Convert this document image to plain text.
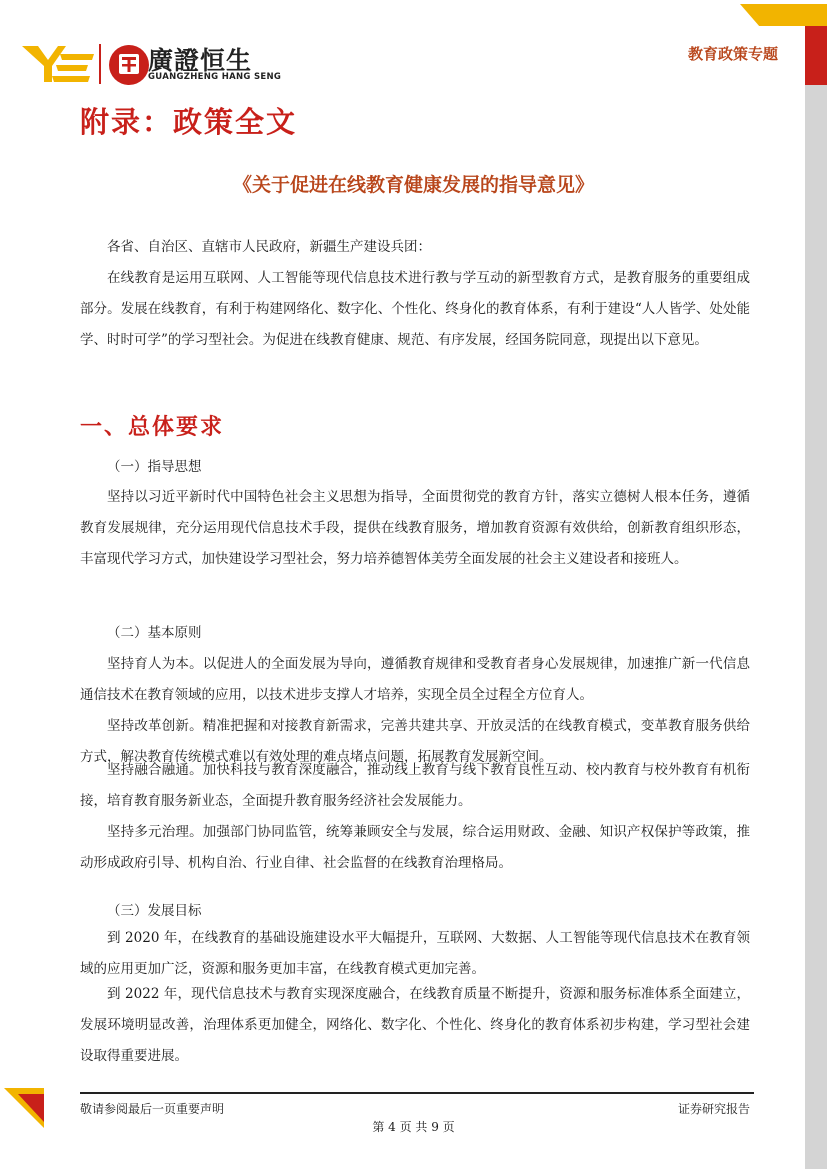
教育政策专题
廣證恒生
GUANGZHENG HANG SENG
附录：政策全文
《关于促进在线教育健康发展的指导意见》

各省、自治区、直辖市人民政府，新疆生产建设兵团：

在线教育是运用互联网、人工智能等现代信息技术进行教与学互动的新型教育方式，是教育服务的重要组成部分。发展在线教育，有利于构建网络化、数字化、个性化、终身化的教育体系，有利于建设“人人皆学、处处能学、时时可学”的学习型社会。为促进在线教育健康、规范、有序发展，经国务院同意，现提出以下意见。

一、总体要求
（一）指导思想

坚持以习近平新时代中国特色社会主义思想为指导，全面贯彻党的教育方针，落实立德树人根本任务，遵循教育发展规律，充分运用现代信息技术手段，提供在线教育服务，增加教育资源有效供给，创新教育组织形态，丰富现代学习方式，加快建设学习型社会，努力培养德智体美劳全面发展的社会主义建设者和接班人。

（二）基本原则

坚持育人为本。以促进人的全面发展为导向，遵循教育规律和受教育者身心发展规律，加速推广新一代信息通信技术在教育领域的应用，以技术进步支撑人才培养，实现全员全过程全方位育人。

坚持改革创新。精准把握和对接教育新需求，完善共建共享、开放灵活的在线教育模式，变革教育服务供给方式，解决教育传统模式难以有效处理的难点堵点问题，拓展教育发展新空间。

坚持融合融通。加快科技与教育深度融合，推动线上教育与线下教育良性互动、校内教育与校外教育有机衔接，培育教育服务新业态，全面提升教育服务经济社会发展能力。

坚持多元治理。加强部门协同监管，统筹兼顾安全与发展，综合运用财政、金融、知识产权保护等政策，推动形成政府引导、机构自治、行业自律、社会监督的在线教育治理格局。

（三）发展目标

到 2020 年，在线教育的基础设施建设水平大幅提升，互联网、大数据、人工智能等现代信息技术在教育领域的应用更加广泛，资源和服务更加丰富，在线教育模式更加完善。

到 2022 年，现代信息技术与教育实现深度融合，在线教育质量不断提升，资源和服务标准体系全面建立，发展环境明显改善，治理体系更加健全，网络化、数字化、个性化、终身化的教育体系初步构建，学习型社会建设取得重要进展。

敬请参阅最后一页重要声明	证券研究报告
第 4 页 共 9 页
